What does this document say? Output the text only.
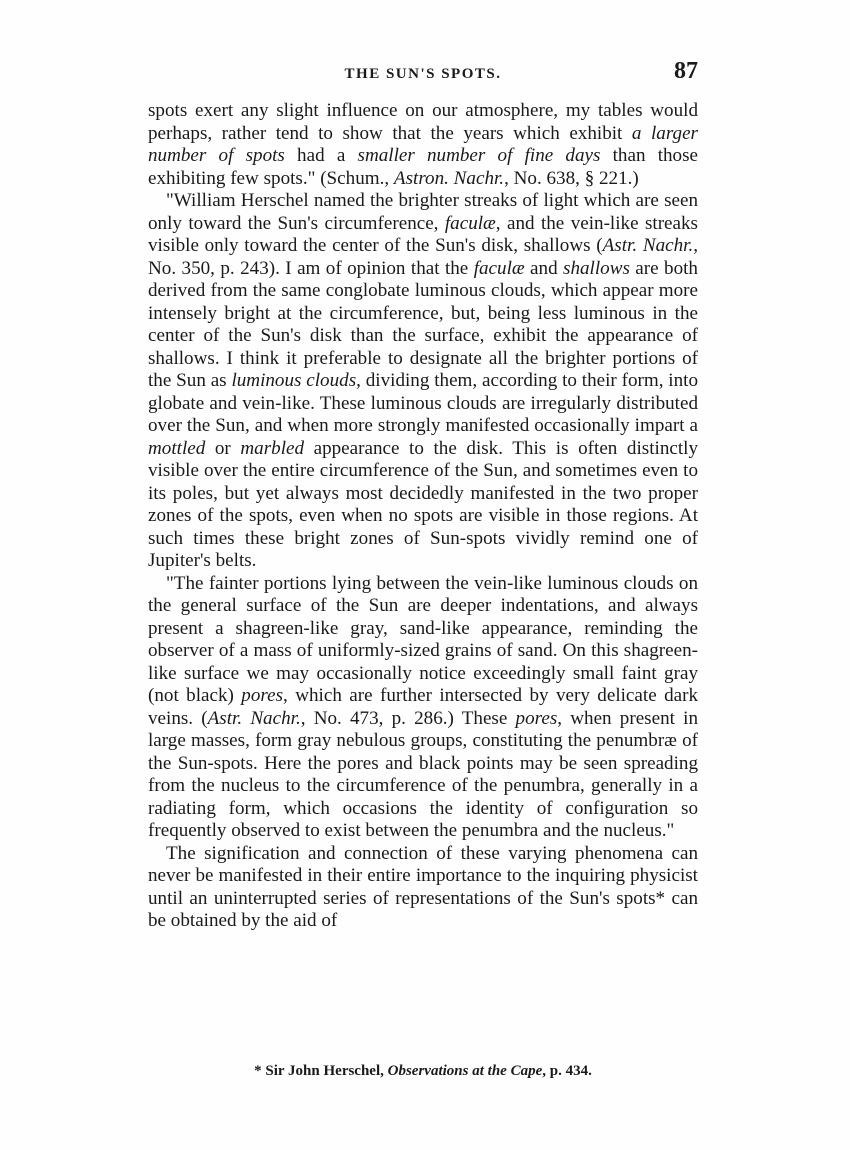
THE SUN'S SPOTS.	87

spots exert any slight influence on our atmosphere, my tables would perhaps, rather tend to show that the years which exhibit a larger number of spots had a smaller number of fine days than those exhibiting few spots." (Schum., Astron. Nachr., No. 638, § 221.)

"William Herschel named the brighter streaks of light which are seen only toward the Sun's circumference, faculæ, and the vein-like streaks visible only toward the center of the Sun's disk, shallows (Astr. Nachr., No. 350, p. 243). I am of opinion that the faculæ and shallows are both derived from the same conglobate luminous clouds, which appear more intensely bright at the circumference, but, being less luminous in the center of the Sun's disk than the surface, exhibit the appearance of shallows. I think it preferable to designate all the brighter portions of the Sun as luminous clouds, dividing them, according to their form, into globate and vein-like. These luminous clouds are irregularly distributed over the Sun, and when more strongly manifested occasionally impart a mottled or marbled appearance to the disk. This is often distinctly visible over the entire circumference of the Sun, and sometimes even to its poles, but yet always most decidedly manifested in the two proper zones of the spots, even when no spots are visible in those regions. At such times these bright zones of Sun-spots vividly remind one of Jupiter's belts.

"The fainter portions lying between the vein-like luminous clouds on the general surface of the Sun are deeper indentations, and always present a shagreen-like gray, sand-like appearance, reminding the observer of a mass of uniformly-sized grains of sand. On this shagreen-like surface we may occasionally notice exceedingly small faint gray (not black) pores, which are further intersected by very delicate dark veins. (Astr. Nachr., No. 473, p. 286.) These pores, when present in large masses, form gray nebulous groups, constituting the penumbræ of the Sun-spots. Here the pores and black points may be seen spreading from the nucleus to the circumference of the penumbra, generally in a radiating form, which occasions the identity of configuration so frequently observed to exist between the penumbra and the nucleus."

The signification and connection of these varying phenomena can never be manifested in their entire importance to the inquiring physicist until an uninterrupted series of representations of the Sun's spots* can be obtained by the aid of

* Sir John Herschel, Observations at the Cape, p. 434.
